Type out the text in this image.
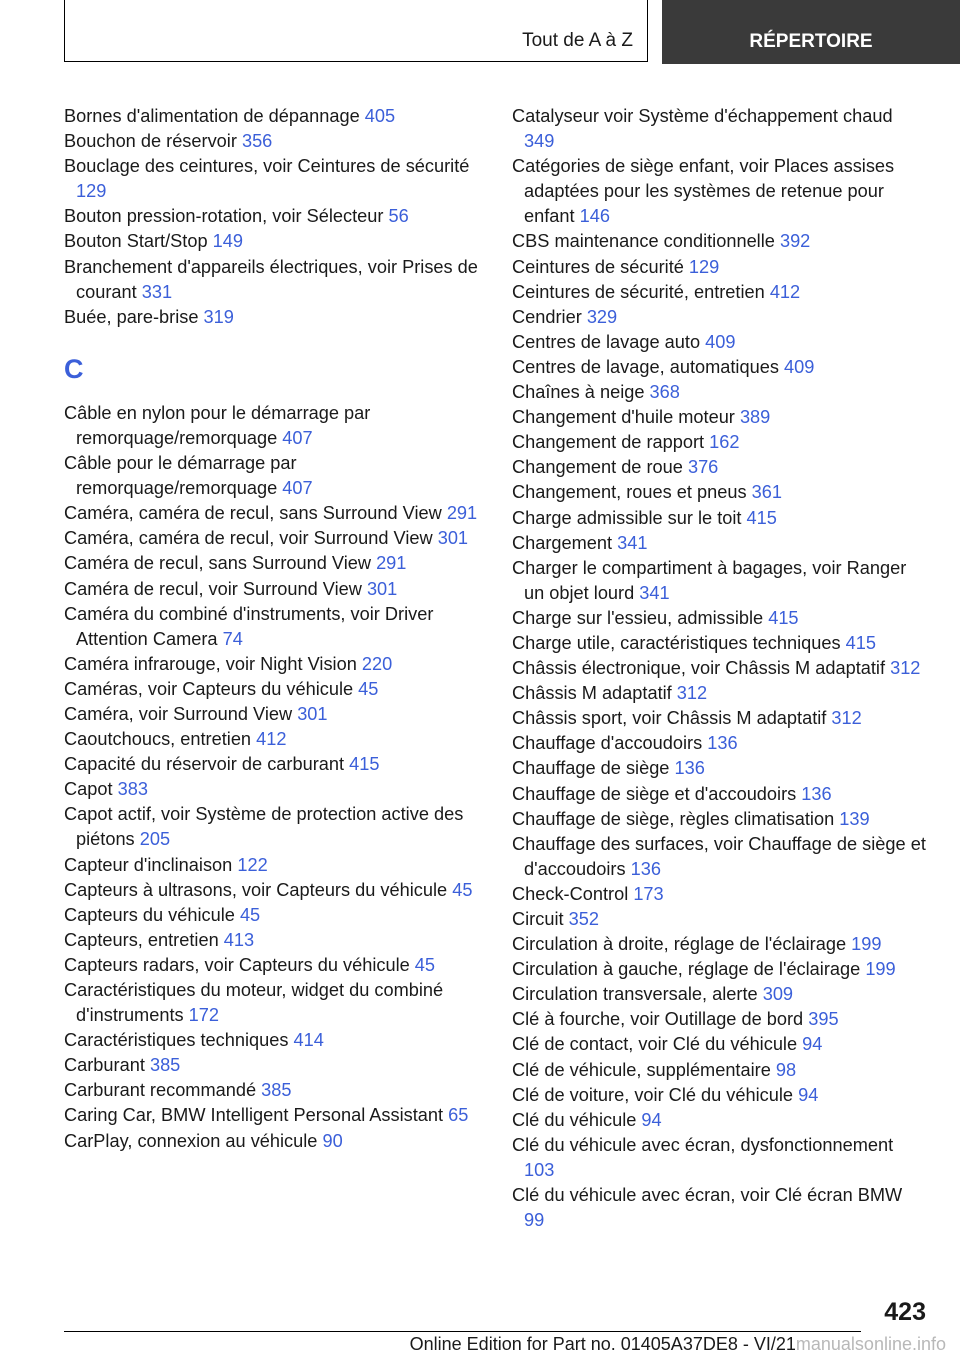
Tout de A à Z	RÉPERTOIRE
Bornes d'alimentation de dépannage 405
Bouchon de réservoir 356
Bouclage des ceintures, voir Ceintures de sécurité 129
Bouton pression-rotation, voir Sélecteur 56
Bouton Start/Stop 149
Branchement d'appareils électriques, voir Prises de courant 331
Buée, pare-brise 319
C
Câble en nylon pour le démarrage par remorquage/remorquage 407
Câble pour le démarrage par remorquage/remorquage 407
Caméra, caméra de recul, sans Surround View 291
Caméra, caméra de recul, voir Surround View 301
Caméra de recul, sans Surround View 291
Caméra de recul, voir Surround View 301
Caméra du combiné d'instruments, voir Driver Attention Camera 74
Caméra infrarouge, voir Night Vision 220
Caméras, voir Capteurs du véhicule 45
Caméra, voir Surround View 301
Caoutchoucs, entretien 412
Capacité du réservoir de carburant 415
Capot 383
Capot actif, voir Système de protection active des piétons 205
Capteur d'inclinaison 122
Capteurs à ultrasons, voir Capteurs du véhicule 45
Capteurs du véhicule 45
Capteurs, entretien 413
Capteurs radars, voir Capteurs du véhicule 45
Caractéristiques du moteur, widget du combiné d'instruments 172
Caractéristiques techniques 414
Carburant 385
Carburant recommandé 385
Caring Car, BMW Intelligent Personal Assistant 65
CarPlay, connexion au véhicule 90
Catalyseur voir Système d'échappement chaud 349
Catégories de siège enfant, voir Places assises adaptées pour les systèmes de retenue pour enfant 146
CBS maintenance conditionnelle 392
Ceintures de sécurité 129
Ceintures de sécurité, entretien 412
Cendrier 329
Centres de lavage auto 409
Centres de lavage, automatiques 409
Chaînes à neige 368
Changement d'huile moteur 389
Changement de rapport 162
Changement de roue 376
Changement, roues et pneus 361
Charge admissible sur le toit 415
Chargement 341
Charger le compartiment à bagages, voir Ranger un objet lourd 341
Charge sur l'essieu, admissible 415
Charge utile, caractéristiques techniques 415
Châssis électronique, voir Châssis M adaptatif 312
Châssis M adaptatif 312
Châssis sport, voir Châssis M adaptatif 312
Chauffage d'accoudoirs 136
Chauffage de siège 136
Chauffage de siège et d'accoudoirs 136
Chauffage de siège, règles climatisation 139
Chauffage des surfaces, voir Chauffage de siège et d'accoudoirs 136
Check-Control 173
Circuit 352
Circulation à droite, réglage de l'éclairage 199
Circulation à gauche, réglage de l'éclairage 199
Circulation transversale, alerte 309
Clé à fourche, voir Outillage de bord 395
Clé de contact, voir Clé du véhicule 94
Clé de véhicule, supplémentaire 98
Clé de voiture, voir Clé du véhicule 94
Clé du véhicule 94
Clé du véhicule avec écran, dysfonctionnement 103
Clé du véhicule avec écran, voir Clé écran BMW 99
423
Online Edition for Part no. 01405A37DE8 - VI/21manualsonline.info
